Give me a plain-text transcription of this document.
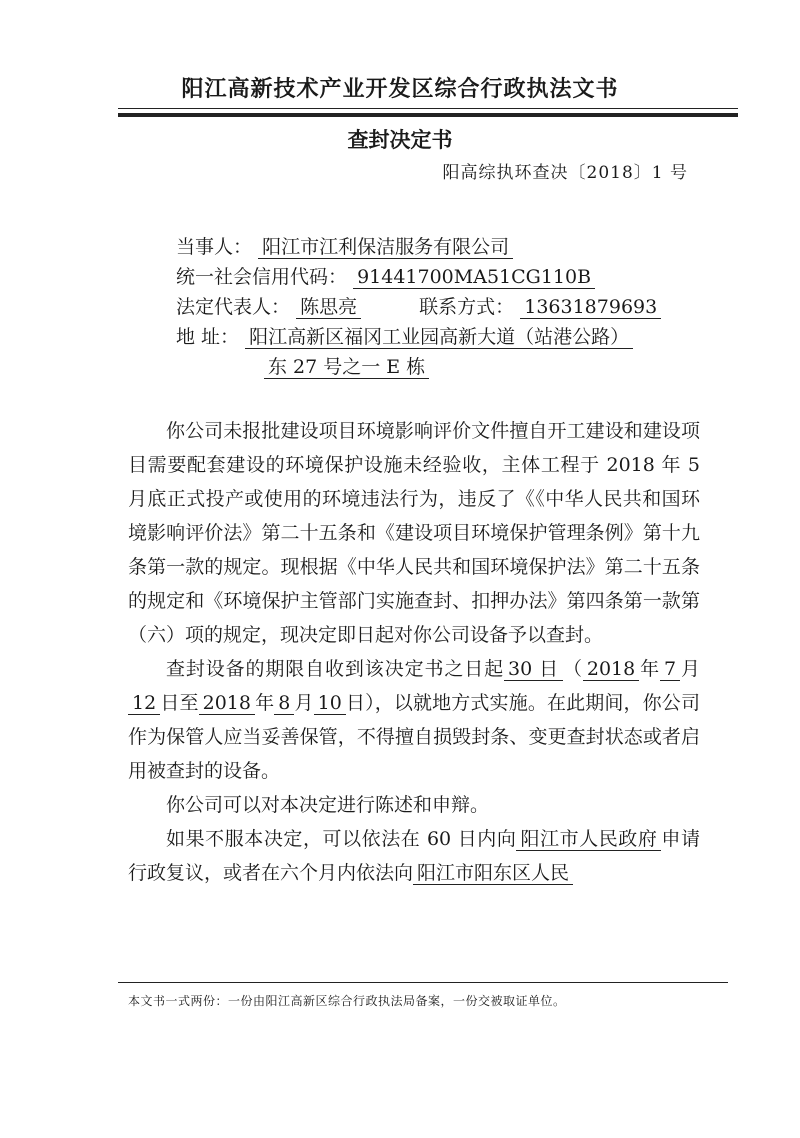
阳江高新技术产业开发区综合行政执法文书
查封决定书
阳高综执环查决〔2018〕1 号
当事人： 阳江市江利保洁服务有限公司
统一社会信用代码： 91441700MA51CG110B
法定代表人： 陈思亮	联系方式： 13631879693
地 址： 阳江高新区福冈工业园高新大道（站港公路）
东 27 号之一 E 栋

你公司未报批建设项目环境影响评价文件擅自开工建设和建设项目需要配套建设的环境保护设施未经验收，主体工程于 2018 年 5 月底正式投产或使用的环境违法行为，违反了《《中华人民共和国环境影响评价法》第二十五条和《建设项目环境保护管理条例》第十九条第一款的规定。现根据《中华人民共和国环境保护法》第二十五条的规定和《环境保护主管部门实施查封、扣押办法》第四条第一款第（六）项的规定，现决定即日起对你公司设备予以查封。

查封设备的期限自收到该决定书之日起 30 日 （ 2018 年 7 月12 日至 2018 年 8 月 10 日），以就地方式实施。在此期间，你公司作为保管人应当妥善保管，不得擅自损毁封条、变更查封状态或者启用被查封的设备。

你公司可以对本决定进行陈述和申辩。

如果不服本决定，可以依法在 60 日内向 阳江市人民政府 申请行政复议，或者在六个月内依法向 阳江市阳东区人民

本文书一式两份：一份由阳江高新区综合行政执法局备案，一份交被取证单位。
